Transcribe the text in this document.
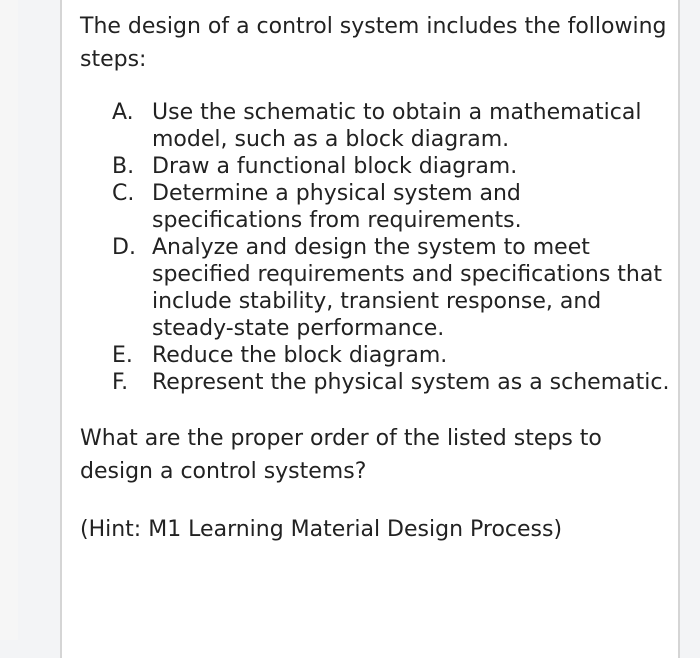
The design of a control system includes the following steps:

A. Use the schematic to obtain a mathematical model, such as a block diagram.
B. Draw a functional block diagram.
C. Determine a physical system and specifications from requirements.
D. Analyze and design the system to meet specified requirements and specifications that include stability, transient response, and steady-state performance.
E. Reduce the block diagram.
F.	Represent the physical system as a schematic.

What are the proper order of the listed steps to design a control systems?

(Hint: M1 Learning Material Design Process)
